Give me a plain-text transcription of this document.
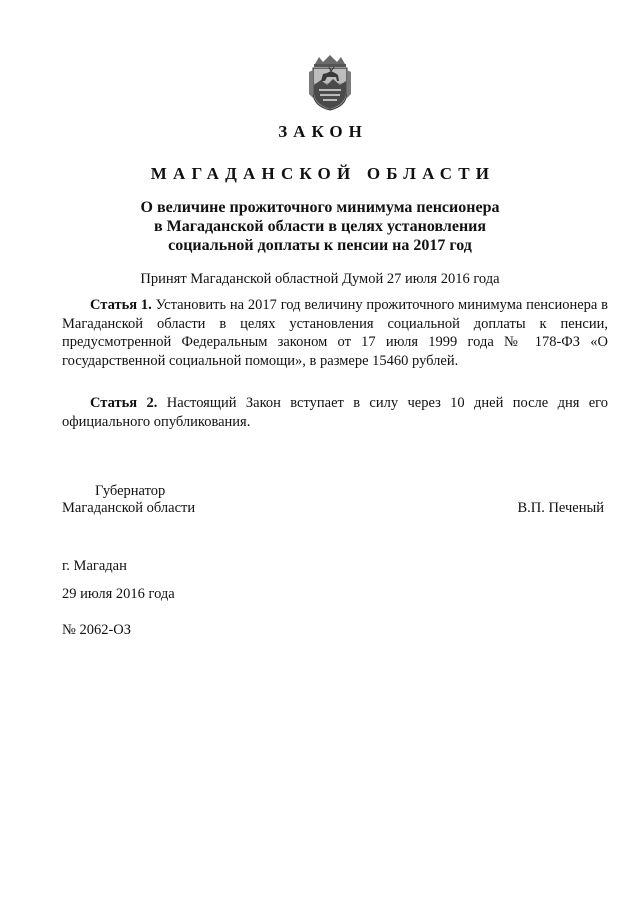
ЗАКОН
МАГАДАНСКОЙ ОБЛАСТИ
О величине прожиточного минимума пенсионера
в Магаданской области в целях установления
социальной доплаты к пенсии на 2017 год
Принят Магаданской областной Думой 27 июля 2016 года
Статья 1. Установить на 2017 год величину прожиточного минимума пенсионера в Магаданской области в целях установления социальной доплаты к пенсии, предусмотренной Федеральным законом от 17 июля 1999 года № 178-ФЗ «О государственной социальной помощи», в размере 15460 рублей.
Статья 2. Настоящий Закон вступает в силу через 10 дней после дня его официального опубликования.
Губернатор
Магаданской области	В.П. Печеный
г. Магадан
29 июля 2016 года
№ 2062-ОЗ
